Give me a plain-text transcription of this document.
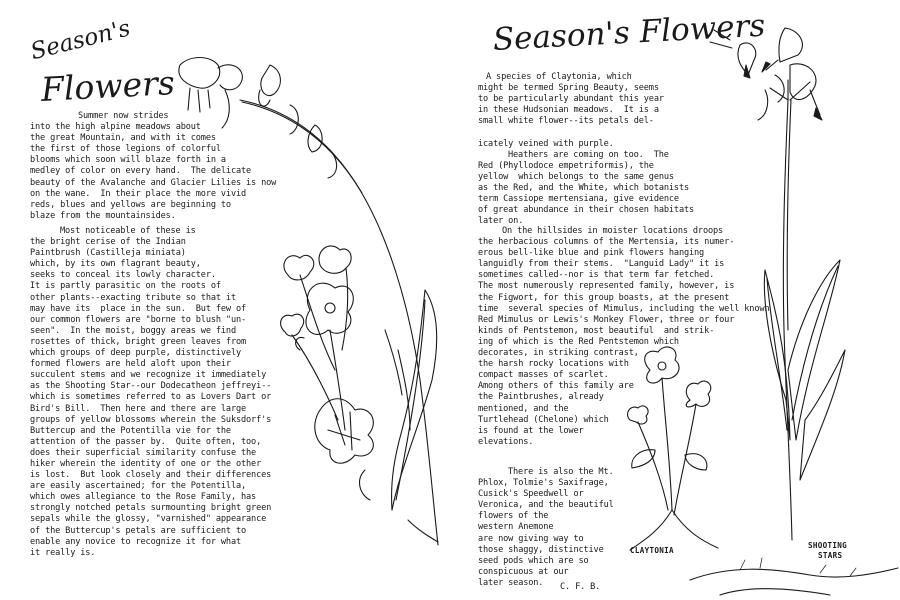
Season's
Flowers
Summer now strides
into the high alpine meadows about
the great Mountain, and with it comes
the first of those legions of colorful
blooms which soon will blaze forth in a
medley of color on every hand.  The delicate
beauty of the Avalanche and Glacier Lilies is now
on the wane.  In their place the more vivid
reds, blues and yellows are beginning to
blaze from the mountainsides.
Most noticeable of these is
the bright cerise of the Indian
Paintbrush (Castilleja miniata)
which, by its own flagrant beauty,
seeks to conceal its lowly character.
It is partly parasitic on the roots of
other plants--exacting tribute so that it
may have its  place in the sun.  But few of
our common flowers are "borne to blush "un-
seen".  In the moist, boggy areas we find
rosettes of thick, bright green leaves from
which groups of deep purple, distinctively
formed flowers are held aloft upon their
succulent stems and we recognize it immediately
as the Shooting Star--our Dodecatheon jeffreyi--
which is sometimes referred to as Lovers Dart or
Bird's Bill.  Then here and there are large
groups of yellow blossoms wherein the Suksdorf's
Buttercup and the Potentilla vie for the
attention of the passer by.  Quite often, too,
does their superficial similarity confuse the
hiker wherein the identity of one or the other
is lost.  But look closely and their differences
are easily ascertained; for the Potentilla,
which owes allegiance to the Rose Family, has
strongly notched petals surmounting bright green
sepals while the glossy, "varnished" appearance
of the Buttercup's petals are sufficient to
enable any novice to recognize it for what
it really is.
Season's Flowers
A species of Claytonia, which
might be termed Spring Beauty, seems
to be particularly abundant this year
in these Hudsonian meadows.  It is a
small white flower--its petals del-
icately veined with purple.
Heathers are coming on too.  The
Red (Phyllodoce empetriformis), the
yellow  which belongs to the same genus
as the Red, and the White, which botanists
term Cassiope mertensiana, give evidence
of great abundance in their chosen habitats
later on.
On the hillsides in moister locations droops
the herbacious columns of the Mertensia, its numer-
erous bell-like blue and pink flowers hanging
languidly from their stems.  "Languid Lady" it is
sometimes called--nor is that term far fetched.
The most numerously represented family, however, is
the Figwort, for this group boasts, at the present
time  several species of Mimulus, including the well known
Red Mimulus or Lewis's Monkey Flower, three or four
kinds of Pentstemon, most beautiful  and strik-
ing of which is the Red Pentstemon which
decorates, in striking contrast,
the harsh rocky locations with
compact masses of scarlet.
Among others of this family are
the Paintbrushes, already
mentioned, and the
Turtlehead (Chelone) which
is found at the lower
elevations.
There is also the Mt.
Phlox, Tolmie's Saxifrage,
Cusick's Speedwell or
Veronica, and the beautiful
flowers of the
western Anemone
are now giving way to
those shaggy, distinctive
seed pods which are so
conspicuous at our
later season.	C. F. B.
CLAYTONIA
SHOOTING
STARS
